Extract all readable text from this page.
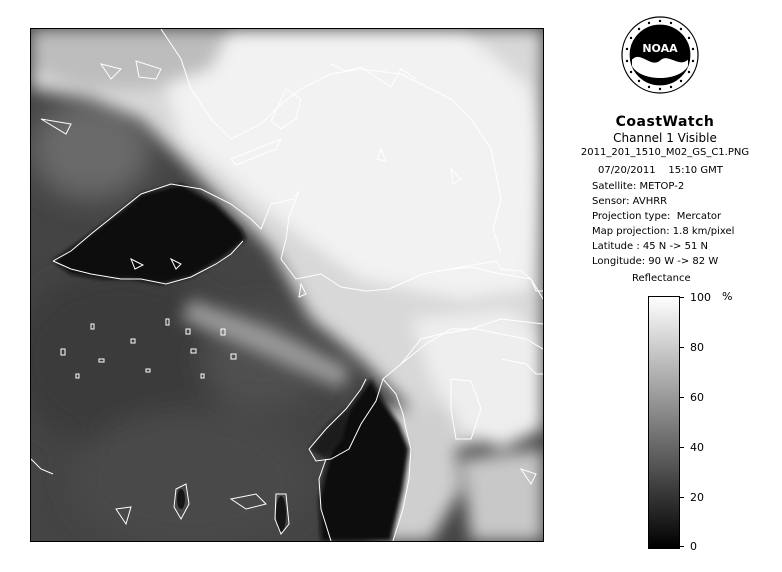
NOAA
CoastWatch
Channel 1 Visible
2011_201_1510_M02_GS_C1.PNG
07/20/2011    15:10 GMT
Satellite: METOP-2
Sensor: AVHRR
Projection type:  Mercator
Map projection: 1.8 km/pixel
Latitude : 45 N -> 51 N
Longitude: 90 W -> 82 W
Reflectance
%
100
80
60
40
20
0
